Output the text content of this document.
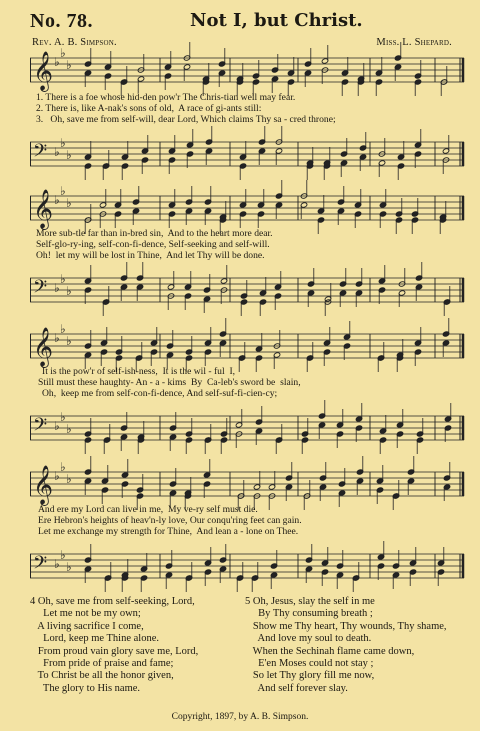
No. 78.	Not I, but Christ.
Rev. A. B. Simpson.	Miss. L. Shepard.
𝄞 ♭
♭
♭
1. There is a foe whose hid-den pow'r The Chris-tian well may fear.
2. There is, like A-nak's sons of old,  A race of gi-ants still:
3.   Oh, save me from self-will, dear Lord, Which claims Thy sa - cred throne;
𝄢 ♭
♭
♭
𝄞 ♭
♭
♭
More sub-tle far than in-bred sin,  And to the heart more dear.
Self-glo-ry-ing, self-con-fi-dence, Self-seeking and self-will.
Oh!  let my will be lost in Thine,  And let Thy will be done.
𝄢 ♭
♭
♭
𝄞 ♭
♭
♭
It is the pow'r of self-ish-ness,  It is the wil - ful  I,
Still must these haughty- An - a - kims  By  Ca-leb's sword be  slain,
Oh,  keep me from self-con-fi-dence, And self-suf-fi-cien-cy;
𝄢 ♭
♭
♭
𝄞 ♭
♭
♭
And ere my Lord can live in me,  My ve-ry self must die.
Ere Hebron's heights of heav'n-ly love, Our conqu'ring feet can gain.
Let me exchange my strength for Thine,  And lean a - lone on Thee.
𝄢 ♭
♭
♭
4 Oh, save me from self-seeking, Lord,
Let me not be my own;
A living sacrifice I come,
Lord, keep me Thine alone.
From proud vain glory save me, Lord,
From pride of praise and fame;
To Christ be all the honor given,
The glory to His name.
5 Oh, Jesus, slay the self in me
By Thy consuming breath ;
Show me Thy heart, Thy wounds, Thy shame,
And love my soul to death.
When the Sechinah flame came down,
E'en Moses could not stay ;
So let Thy glory fill me now,
And self forever slay.
Copyright, 1897, by A. B. Simpson.
